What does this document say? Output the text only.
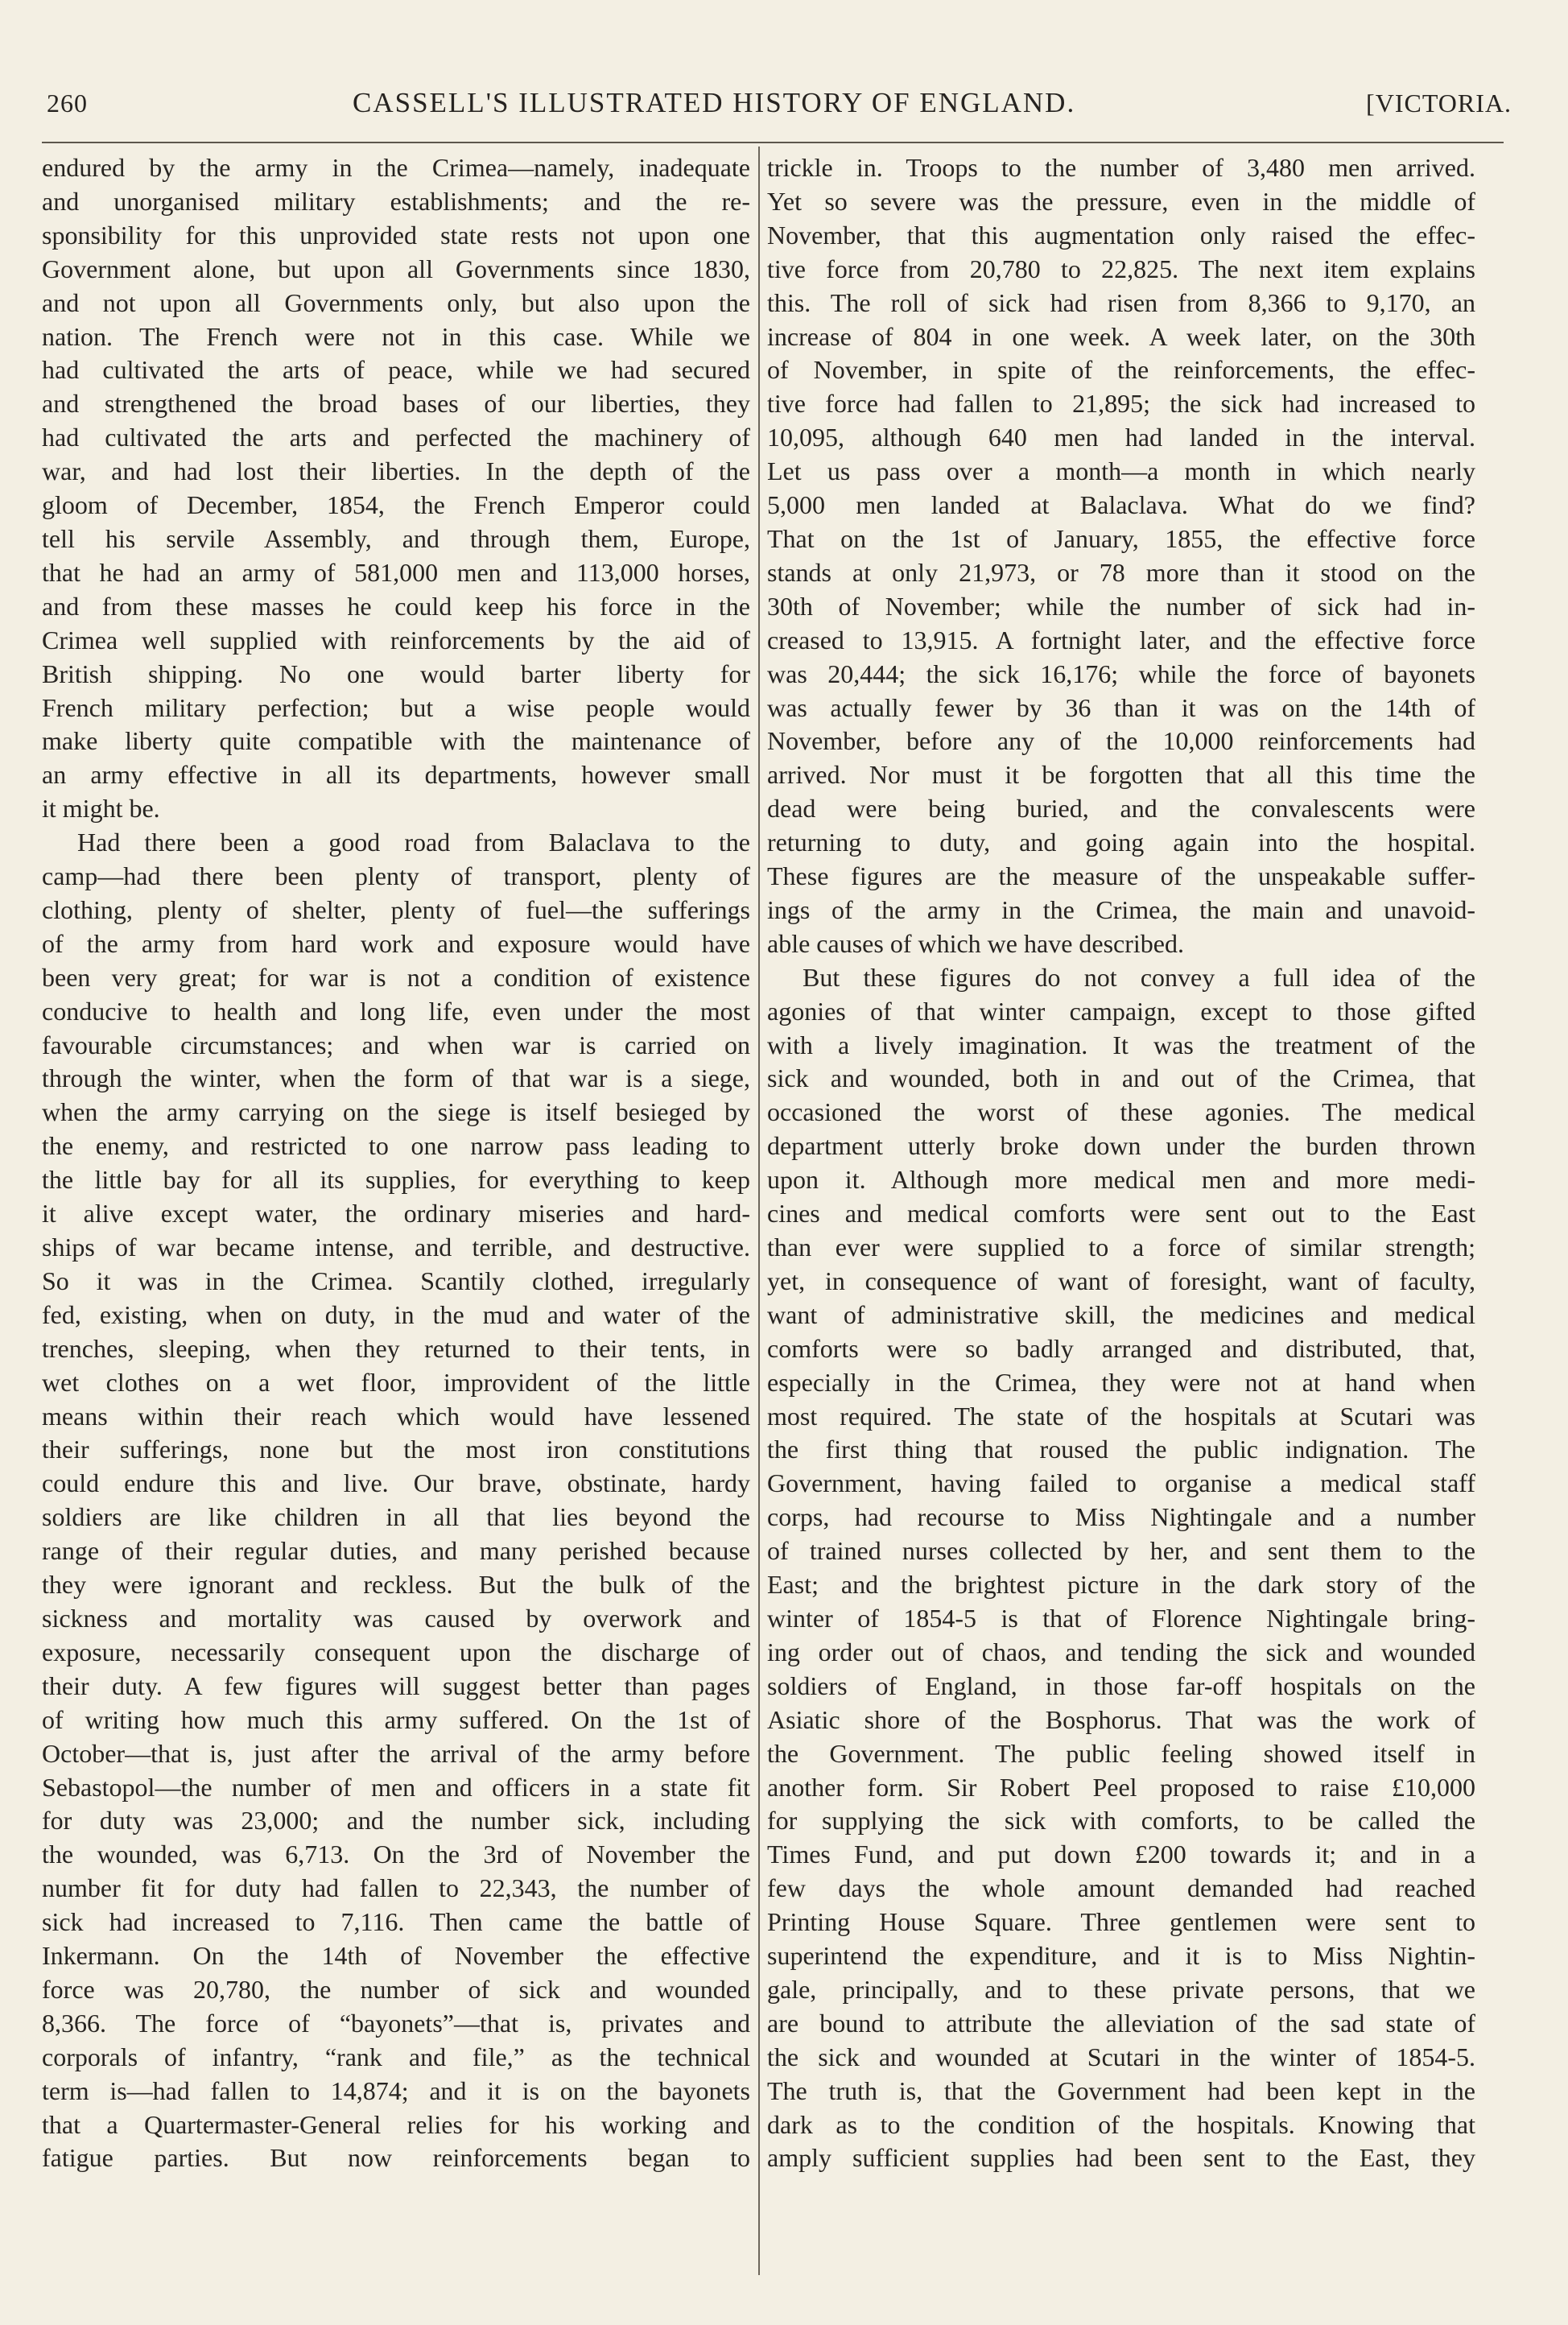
260	CASSELL'S ILLUSTRATED HISTORY OF ENGLAND.	[VICTORIA.
endured by the army in the Crimea—namely, inadequate
and unorganised military establishments; and the re-
sponsibility for this unprovided state rests not upon one
Government alone, but upon all Governments since 1830,
and not upon all Governments only, but also upon the
nation. The French were not in this case. While we
had cultivated the arts of peace, while we had secured
and strengthened the broad bases of our liberties, they
had cultivated the arts and perfected the machinery of
war, and had lost their liberties. In the depth of the
gloom of December, 1854, the French Emperor could
tell his servile Assembly, and through them, Europe,
that he had an army of 581,000 men and 113,000 horses,
and from these masses he could keep his force in the
Crimea well supplied with reinforcements by the aid of
British shipping. No one would barter liberty for
French military perfection; but a wise people would
make liberty quite compatible with the maintenance of
an army effective in all its departments, however small
it might be.
Had there been a good road from Balaclava to the
camp—had there been plenty of transport, plenty of
clothing, plenty of shelter, plenty of fuel—the sufferings
of the army from hard work and exposure would have
been very great; for war is not a condition of existence
conducive to health and long life, even under the most
favourable circumstances; and when war is carried on
through the winter, when the form of that war is a siege,
when the army carrying on the siege is itself besieged by
the enemy, and restricted to one narrow pass leading to
the little bay for all its supplies, for everything to keep
it alive except water, the ordinary miseries and hard-
ships of war became intense, and terrible, and destructive.
So it was in the Crimea. Scantily clothed, irregularly
fed, existing, when on duty, in the mud and water of the
trenches, sleeping, when they returned to their tents, in
wet clothes on a wet floor, improvident of the little
means within their reach which would have lessened
their sufferings, none but the most iron constitutions
could endure this and live. Our brave, obstinate, hardy
soldiers are like children in all that lies beyond the
range of their regular duties, and many perished because
they were ignorant and reckless. But the bulk of the
sickness and mortality was caused by overwork and
exposure, necessarily consequent upon the discharge of
their duty. A few figures will suggest better than pages
of writing how much this army suffered. On the 1st of
October—that is, just after the arrival of the army before
Sebastopol—the number of men and officers in a state fit
for duty was 23,000; and the number sick, including
the wounded, was 6,713. On the 3rd of November the
number fit for duty had fallen to 22,343, the number of
sick had increased to 7,116. Then came the battle of
Inkermann. On the 14th of November the effective
force was 20,780, the number of sick and wounded
8,366. The force of “bayonets”—that is, privates and
corporals of infantry, “rank and file,” as the technical
term is—had fallen to 14,874; and it is on the bayonets
that a Quartermaster-General relies for his working and
fatigue parties. But now reinforcements began to
trickle in. Troops to the number of 3,480 men arrived.
Yet so severe was the pressure, even in the middle of
November, that this augmentation only raised the effec-
tive force from 20,780 to 22,825. The next item explains
this. The roll of sick had risen from 8,366 to 9,170, an
increase of 804 in one week. A week later, on the 30th
of November, in spite of the reinforcements, the effec-
tive force had fallen to 21,895; the sick had increased to
10,095, although 640 men had landed in the interval.
Let us pass over a month—a month in which nearly
5,000 men landed at Balaclava. What do we find?
That on the 1st of January, 1855, the effective force
stands at only 21,973, or 78 more than it stood on the
30th of November; while the number of sick had in-
creased to 13,915. A fortnight later, and the effective force
was 20,444; the sick 16,176; while the force of bayonets
was actually fewer by 36 than it was on the 14th of
November, before any of the 10,000 reinforcements had
arrived. Nor must it be forgotten that all this time the
dead were being buried, and the convalescents were
returning to duty, and going again into the hospital.
These figures are the measure of the unspeakable suffer-
ings of the army in the Crimea, the main and unavoid-
able causes of which we have described.
But these figures do not convey a full idea of the
agonies of that winter campaign, except to those gifted
with a lively imagination. It was the treatment of the
sick and wounded, both in and out of the Crimea, that
occasioned the worst of these agonies. The medical
department utterly broke down under the burden thrown
upon it. Although more medical men and more medi-
cines and medical comforts were sent out to the East
than ever were supplied to a force of similar strength;
yet, in consequence of want of foresight, want of faculty,
want of administrative skill, the medicines and medical
comforts were so badly arranged and distributed, that,
especially in the Crimea, they were not at hand when
most required. The state of the hospitals at Scutari was
the first thing that roused the public indignation. The
Government, having failed to organise a medical staff
corps, had recourse to Miss Nightingale and a number
of trained nurses collected by her, and sent them to the
East; and the brightest picture in the dark story of the
winter of 1854-5 is that of Florence Nightingale bring-
ing order out of chaos, and tending the sick and wounded
soldiers of England, in those far-off hospitals on the
Asiatic shore of the Bosphorus. That was the work of
the Government. The public feeling showed itself in
another form. Sir Robert Peel proposed to raise £10,000
for supplying the sick with comforts, to be called the
Times Fund, and put down £200 towards it; and in a
few days the whole amount demanded had reached
Printing House Square. Three gentlemen were sent to
superintend the expenditure, and it is to Miss Nightin-
gale, principally, and to these private persons, that we
are bound to attribute the alleviation of the sad state of
the sick and wounded at Scutari in the winter of 1854-5.
The truth is, that the Government had been kept in the
dark as to the condition of the hospitals. Knowing that
amply sufficient supplies had been sent to the East, they
